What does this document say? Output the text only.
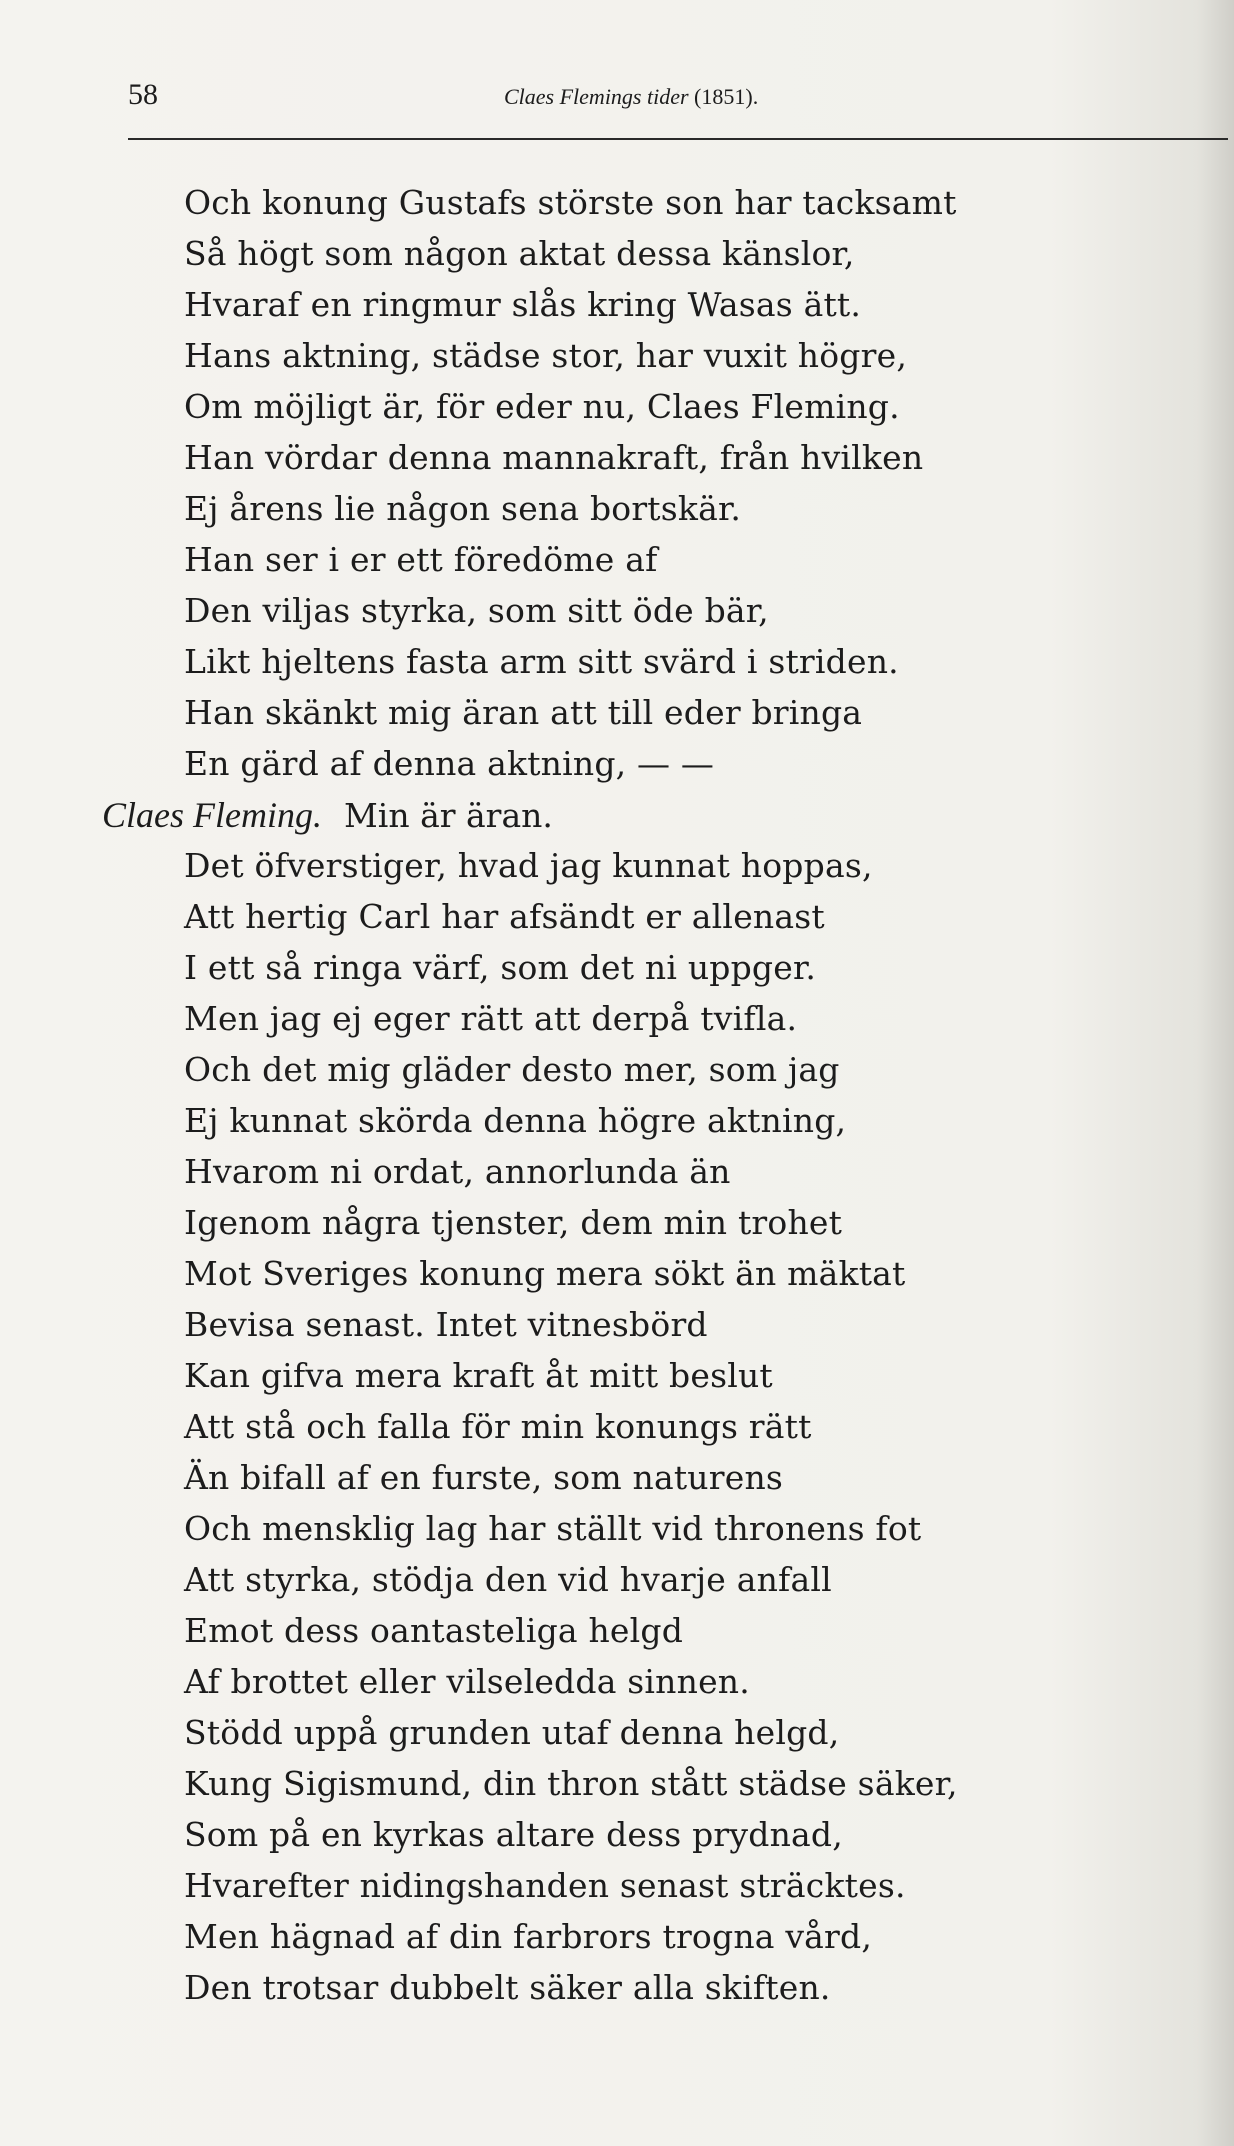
58	Claes Flemings tider (1851).
Och konung Gustafs störste son har tacksamt
Så högt som någon aktat dessa känslor,
Hvaraf en ringmur slås kring Wasas ätt.
Hans aktning, städse stor, har vuxit högre,
Om möjligt är, för eder nu, Claes Fleming.
Han vördar denna mannakraft, från hvilken
Ej årens lie någon sena bortskär.
Han ser i er ett föredöme af
Den viljas styrka, som sitt öde bär,
Likt hjeltens fasta arm sitt svärd i striden.
Han skänkt mig äran att till eder bringa
En gärd af denna aktning, — —
Claes Fleming. Min är äran.
Det öfverstiger, hvad jag kunnat hoppas,
Att hertig Carl har afsändt er allenast
I ett så ringa värf, som det ni uppger.
Men jag ej eger rätt att derpå tvifla.
Och det mig gläder desto mer, som jag
Ej kunnat skörda denna högre aktning,
Hvarom ni ordat, annorlunda än
Igenom några tjenster, dem min trohet
Mot Sveriges konung mera sökt än mäktat
Bevisa senast. Intet vitnesbörd
Kan gifva mera kraft åt mitt beslut
Att stå och falla för min konungs rätt
Än bifall af en furste, som naturens
Och mensklig lag har ställt vid thronens fot
Att styrka, stödja den vid hvarje anfall
Emot dess oantasteliga helgd
Af brottet eller vilseledda sinnen.
Stödd uppå grunden utaf denna helgd,
Kung Sigismund, din thron stått städse säker,
Som på en kyrkas altare dess prydnad,
Hvarefter nidingshanden senast sträcktes.
Men hägnad af din farbrors trogna vård,
Den trotsar dubbelt säker alla skiften.
